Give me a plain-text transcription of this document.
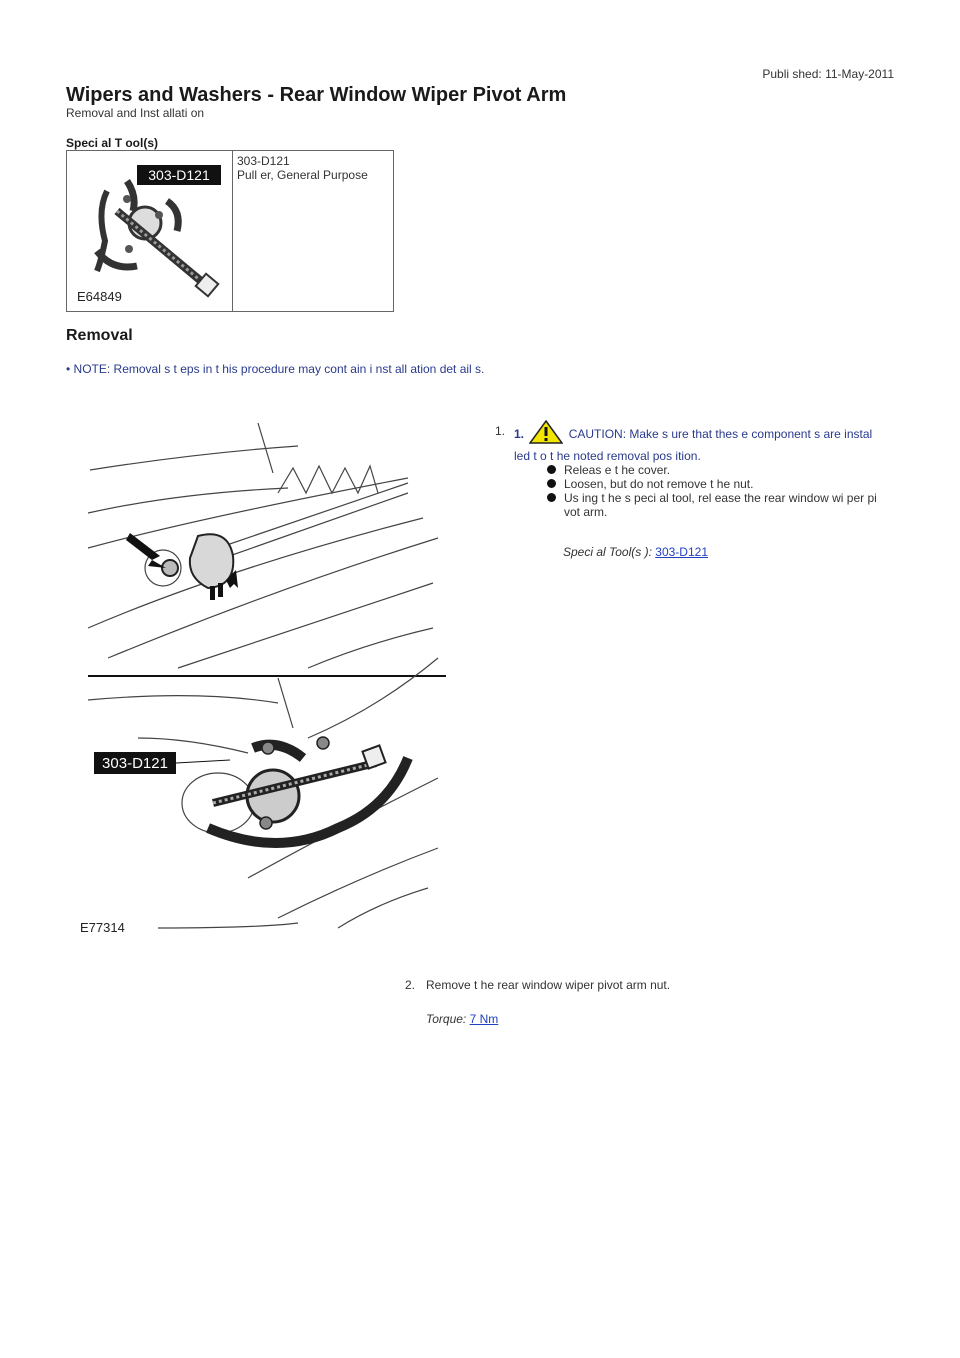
Publi shed: 11-May-2011
Wipers and Washers - Rear Window Wiper Pivot Arm
Removal and Inst allati on
Speci al T ool(s)
303-D121
E64849
303-D121
Pull er, General Purpose
Removal
• NOTE: Removal s t eps in t his procedure may cont ain i nst all ation det ail s.
303-D121
E77314
1. 1.	CAUTION: Make s ure that thes e component s are instal led t o t he noted removal pos ition.
Releas e t he cover.
Loosen, but do not remove t he nut.
Us ing t he s peci al tool, rel ease the rear window wi per pi vot arm.
Speci al Tool(s ): 303-D121
2. Remove t he rear window wiper pivot arm nut.
Torque: 7 Nm
